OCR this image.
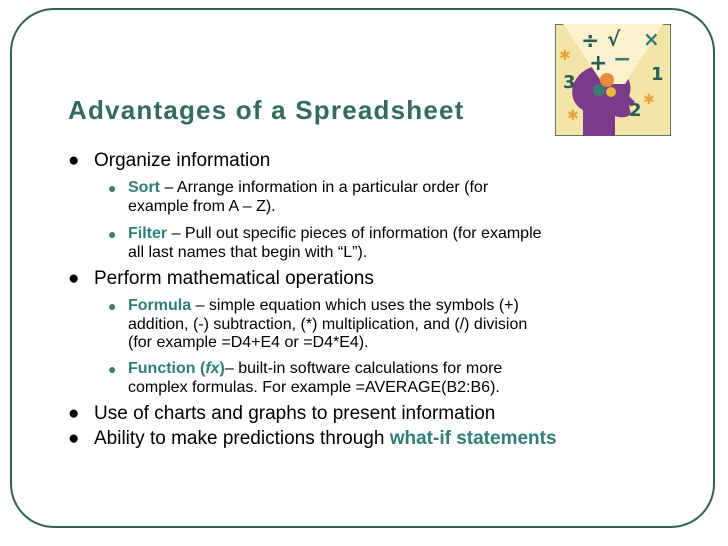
Advantages of a Spreadsheet
÷ √ ×
+ −
3	1
2
✱
✱
✱
● Organize information
● Sort – Arrange information in a particular order (for
example from A – Z).
● Filter – Pull out specific pieces of information (for example
all last names that begin with “L”).
● Perform mathematical operations
● Formula – simple equation which uses the symbols (+)
addition, (-) subtraction, (*) multiplication, and (/) division
(for example =D4+E4 or =D4*E4).
● Function (fx)– built-in software calculations for more
complex formulas. For example =AVERAGE(B2:B6).
● Use of charts and graphs to present information
● Ability to make predictions through what-if statements
